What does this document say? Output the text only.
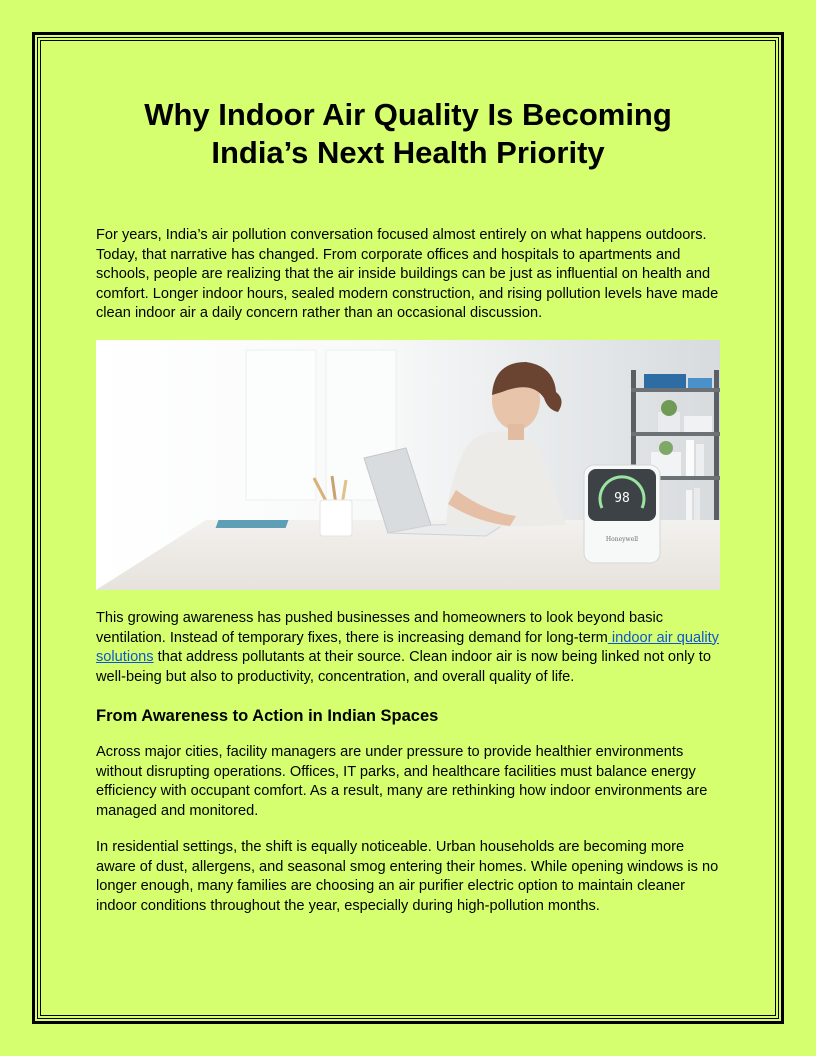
Why Indoor Air Quality Is Becoming India’s Next Health Priority

For years, India’s air pollution conversation focused almost entirely on what happens outdoors. Today, that narrative has changed. From corporate offices and hospitals to apartments and schools, people are realizing that the air inside buildings can be just as influential on health and comfort. Longer indoor hours, sealed modern construction, and rising pollution levels have made clean indoor air a daily concern rather than an occasional discussion.

98
Honeywell

This growing awareness has pushed businesses and homeowners to look beyond basic ventilation. Instead of temporary fixes, there is increasing demand for long-term indoor air quality solutions that address pollutants at their source. Clean indoor air is now being linked not only to well-being but also to productivity, concentration, and overall quality of life.

From Awareness to Action in Indian Spaces

Across major cities, facility managers are under pressure to provide healthier environments without disrupting operations. Offices, IT parks, and healthcare facilities must balance energy efficiency with occupant comfort. As a result, many are rethinking how indoor environments are managed and monitored.

In residential settings, the shift is equally noticeable. Urban households are becoming more aware of dust, allergens, and seasonal smog entering their homes. While opening windows is no longer enough, many families are choosing an air purifier electric option to maintain cleaner indoor conditions throughout the year, especially during high-pollution months.
